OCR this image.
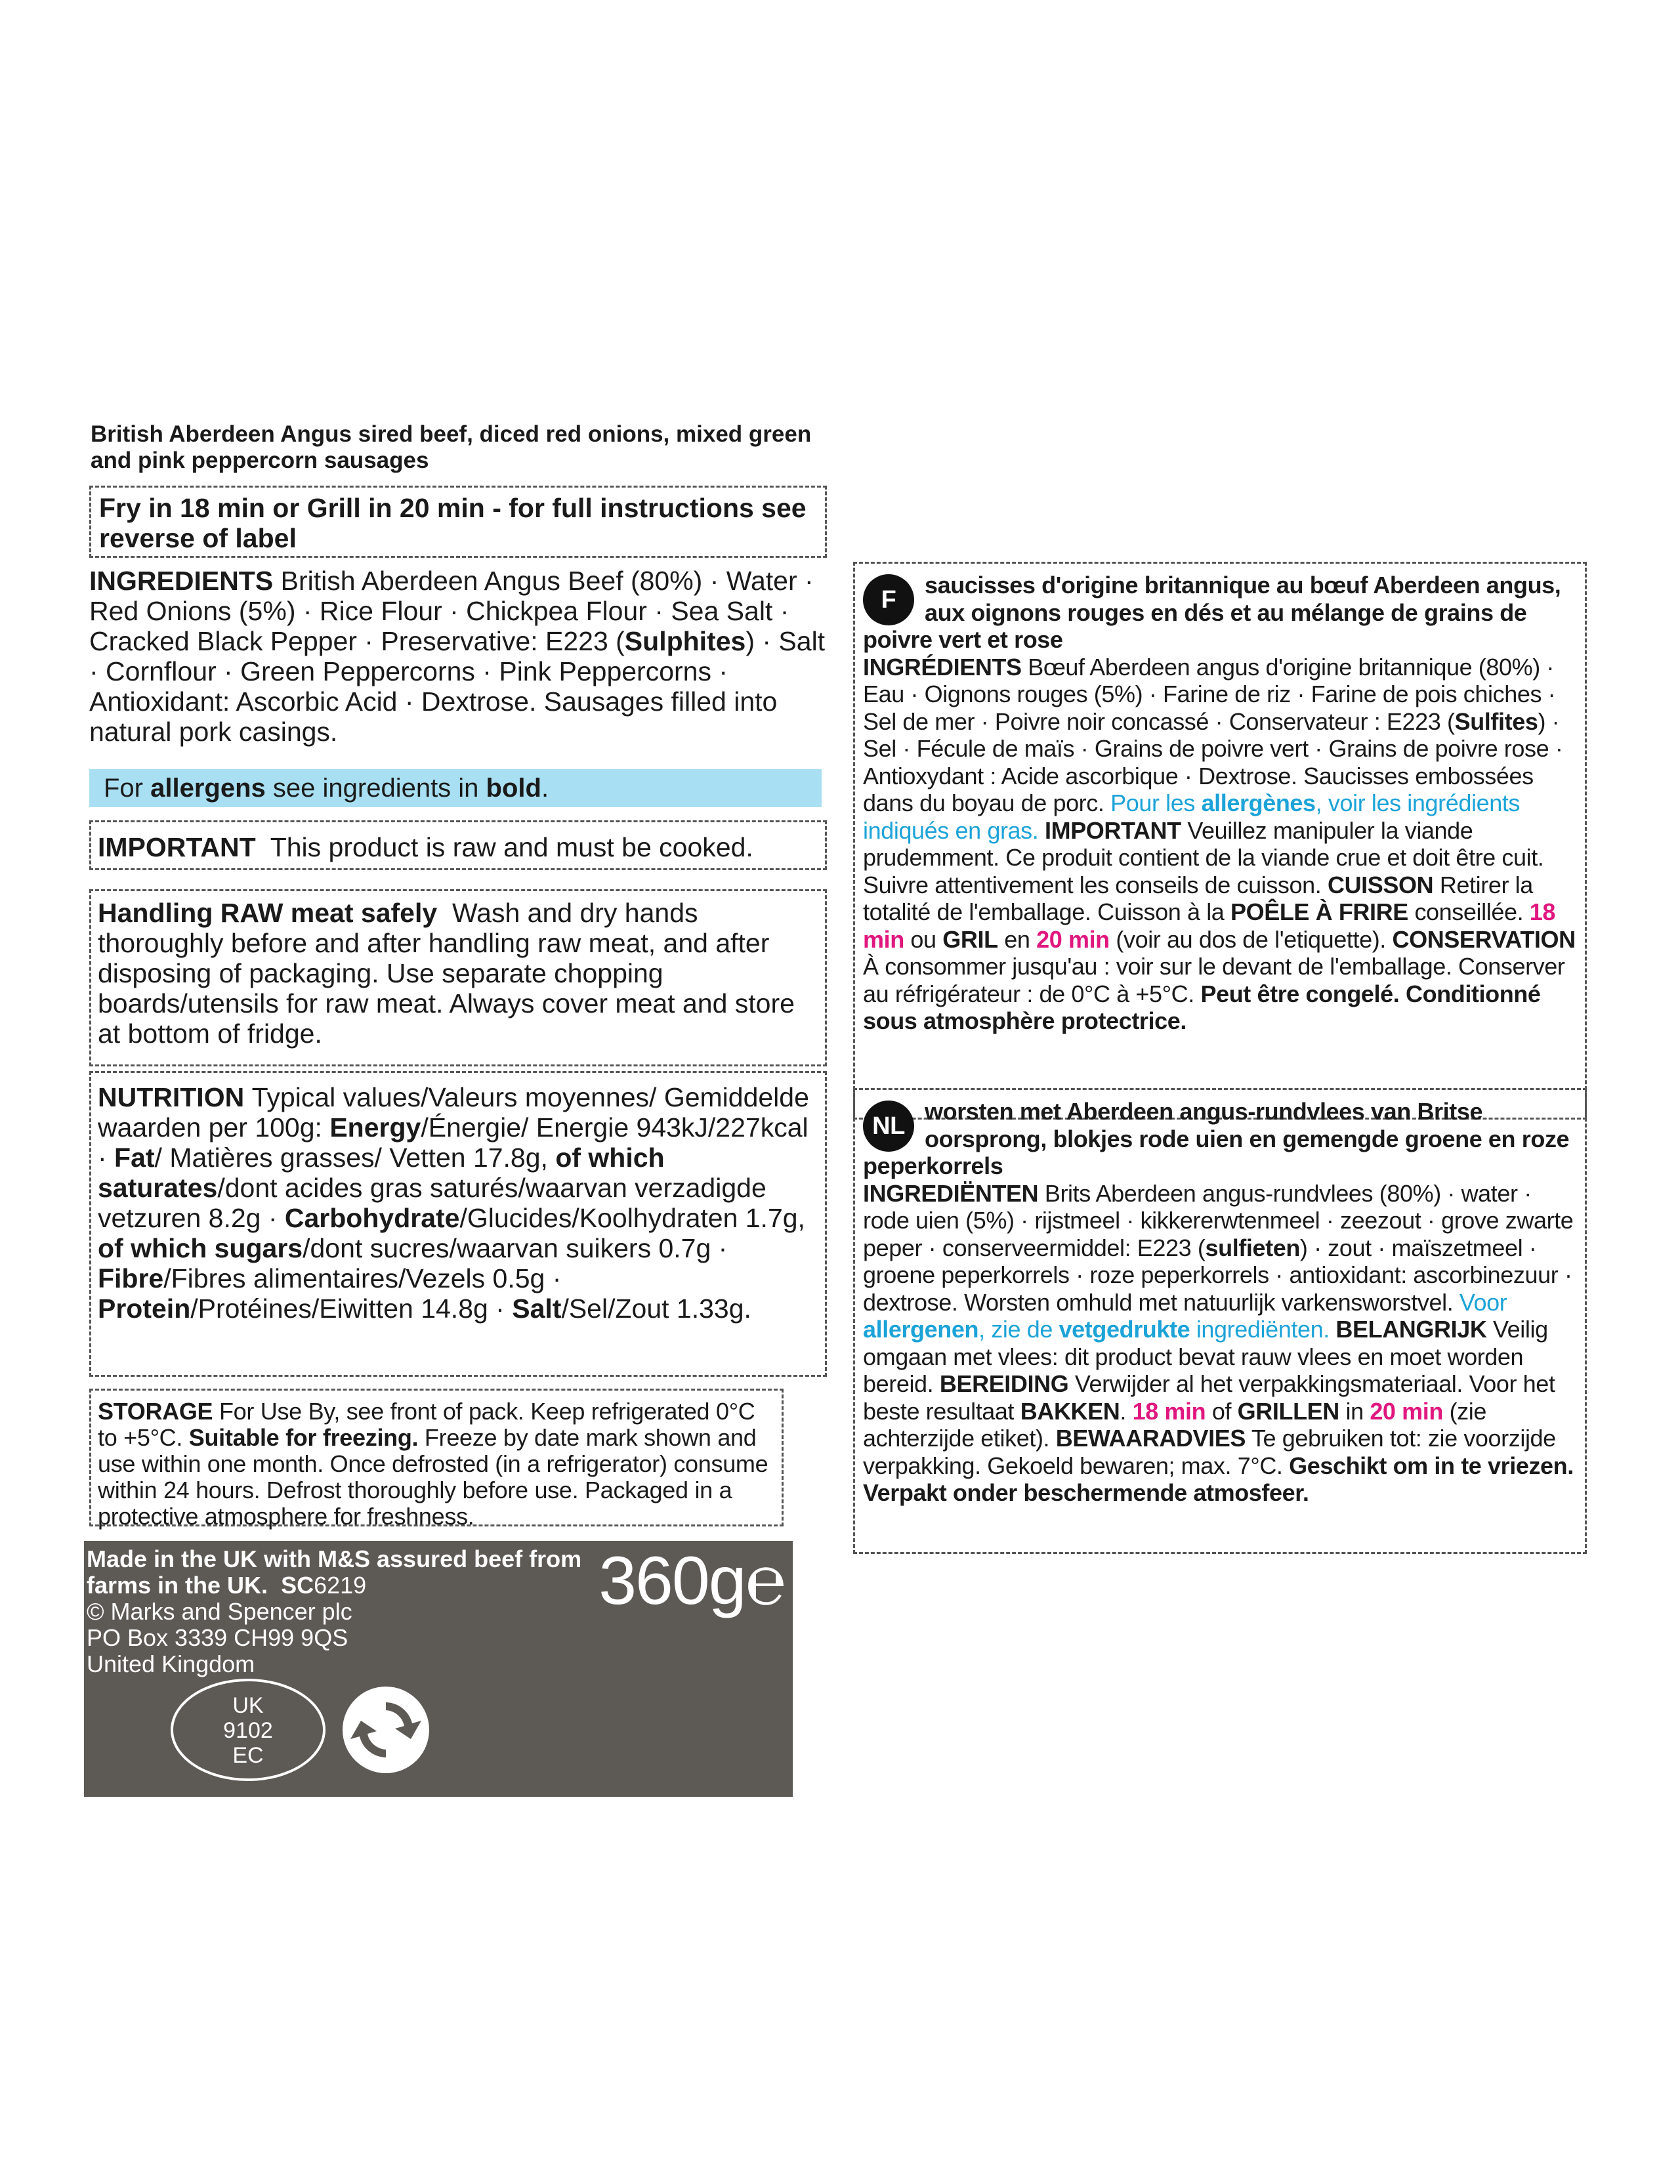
British Aberdeen Angus sired beef, diced red onions, mixed green and pink peppercorn sausages
Fry in 18 min or Grill in 20 min - for full instructions see reverse of label
INGREDIENTS British Aberdeen Angus Beef (80%) · Water · Red Onions (5%) · Rice Flour · Chickpea Flour · Sea Salt · Cracked Black Pepper · Preservative: E223 (Sulphites) · Salt · Cornflour · Green Peppercorns · Pink Peppercorns · Antioxidant: Ascorbic Acid · Dextrose. Sausages filled into natural pork casings.
For allergens see ingredients in bold.
IMPORTANT This product is raw and must be cooked.
Handling RAW meat safely Wash and dry hands thoroughly before and after handling raw meat, and after disposing of packaging. Use separate chopping boards/utensils for raw meat. Always cover meat and store at bottom of fridge.
NUTRITION Typical values/Valeurs moyennes/ Gemiddelde waarden per 100g: Energy/Énergie/ Energie 943kJ/227kcal · Fat/ Matières grasses/ Vetten 17.8g, of which saturates/dont acides gras saturés/waarvan verzadigde vetzuren 8.2g · Carbohydrate/Glucides/Koolhydraten 1.7g, of which sugars/dont sucres/waarvan suikers 0.7g · Fibre/Fibres alimentaires/Vezels 0.5g · Protein/Protéines/Eiwitten 14.8g · Salt/Sel/Zout 1.33g.
STORAGE For Use By, see front of pack. Keep refrigerated 0°C to +5°C. Suitable for freezing. Freeze by date mark shown and use within one month. Once defrosted (in a refrigerator) consume within 24 hours. Defrost thoroughly before use. Packaged in a protective atmosphere for freshness.
Made in the UK with M&S assured beef from farms in the UK. SC6219
© Marks and Spencer plc
PO Box 3339 CH99 9QS
United Kingdom
360g℮
UK
9102
EC
F
saucisses d'origine britannique au bœuf Aberdeen angus, aux oignons rouges en dés et au mélange de grains de poivre vert et rose
INGRÉDIENTS Bœuf Aberdeen angus d'origine britannique (80%) · Eau · Oignons rouges (5%) · Farine de riz · Farine de pois chiches · Sel de mer · Poivre noir concassé · Conservateur : E223 (Sulfites) · Sel · Fécule de maïs · Grains de poivre vert · Grains de poivre rose · Antioxydant : Acide ascorbique · Dextrose. Saucisses embossées dans du boyau de porc. Pour les allergènes, voir les ingrédients indiqués en gras. IMPORTANT Veuillez manipuler la viande prudemment. Ce produit contient de la viande crue et doit être cuit. Suivre attentivement les conseils de cuisson. CUISSON Retirer la totalité de l'emballage. Cuisson à la POÊLE À FRIRE conseillée. 18 min ou GRIL en 20 min (voir au dos de l'etiquette). CONSERVATION À consommer jusqu'au : voir sur le devant de l'emballage. Conserver au réfrigérateur : de 0°C à +5°C. Peut être congelé. Conditionné sous atmosphère protectrice.
NL
worsten met Aberdeen angus-rundvlees van Britse oorsprong, blokjes rode uien en gemengde groene en roze peperkorrels
INGREDIËNTEN Brits Aberdeen angus-rundvlees (80%) · water · rode uien (5%) · rijstmeel · kikkererwtenmeel · zeezout · grove zwarte peper · conserveermiddel: E223 (sulfieten) · zout · maïszetmeel · groene peperkorrels · roze peperkorrels · antioxidant: ascorbinezuur · dextrose. Worsten omhuld met natuurlijk varkensworstvel. Voor allergenen, zie de vetgedrukte ingrediënten. BELANGRIJK Veilig omgaan met vlees: dit product bevat rauw vlees en moet worden bereid. BEREIDING Verwijder al het verpakkingsmateriaal. Voor het beste resultaat BAKKEN. 18 min of GRILLEN in 20 min (zie achterzijde etiket). BEWAARADVIES Te gebruiken tot: zie voorzijde verpakking. Gekoeld bewaren; max. 7°C. Geschikt om in te vriezen. Verpakt onder beschermende atmosfeer.
